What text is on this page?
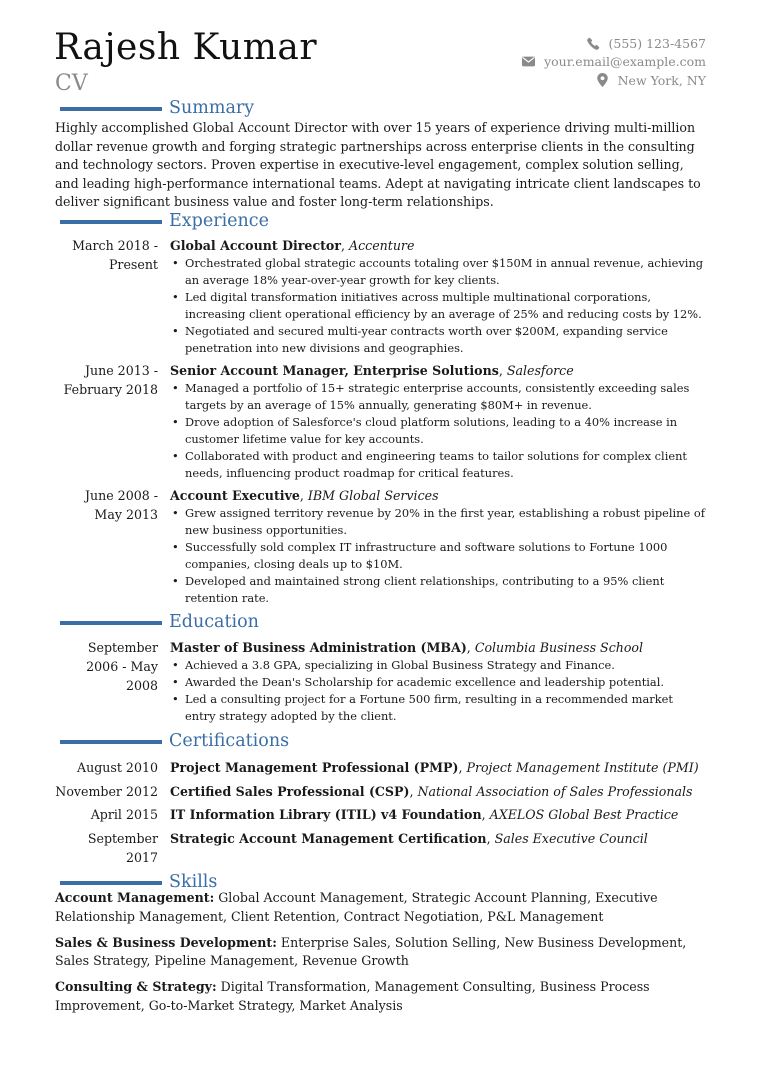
Rajesh Kumar
CV
(555) 123-4567
your.email@example.com
New York, NY
Summary
Highly accomplished Global Account Director with over 15 years of experience driving multi-million dollar revenue growth and forging strategic partnerships across enterprise clients in the consulting and technology sectors. Proven expertise in executive-level engagement, complex solution selling, and leading high-performance international teams. Adept at navigating intricate client landscapes to deliver significant business value and foster long-term relationships.
Experience
March 2018 - Present
Global Account Director, Accenture
• Orchestrated global strategic accounts totaling over $150M in annual revenue, achieving an average 18% year-over-year growth for key clients.
• Led digital transformation initiatives across multiple multinational corporations, increasing client operational efficiency by an average of 25% and reducing costs by 12%.
• Negotiated and secured multi-year contracts worth over $200M, expanding service penetration into new divisions and geographies.
June 2013 - February 2018
Senior Account Manager, Enterprise Solutions, Salesforce
• Managed a portfolio of 15+ strategic enterprise accounts, consistently exceeding sales targets by an average of 15% annually, generating $80M+ in revenue.
• Drove adoption of Salesforce's cloud platform solutions, leading to a 40% increase in customer lifetime value for key accounts.
• Collaborated with product and engineering teams to tailor solutions for complex client needs, influencing product roadmap for critical features.
June 2008 - May 2013
Account Executive, IBM Global Services
• Grew assigned territory revenue by 20% in the first year, establishing a robust pipeline of new business opportunities.
• Successfully sold complex IT infrastructure and software solutions to Fortune 1000 companies, closing deals up to $10M.
• Developed and maintained strong client relationships, contributing to a 95% client retention rate.
Education
September 2006 - May 2008
Master of Business Administration (MBA), Columbia Business School
• Achieved a 3.8 GPA, specializing in Global Business Strategy and Finance.
• Awarded the Dean's Scholarship for academic excellence and leadership potential.
• Led a consulting project for a Fortune 500 firm, resulting in a recommended market entry strategy adopted by the client.
Certifications
August 2010 Project Management Professional (PMP), Project Management Institute (PMI)
November 2012 Certified Sales Professional (CSP), National Association of Sales Professionals
April 2015 IT Information Library (ITIL) v4 Foundation, AXELOS Global Best Practice
September 2017
Strategic Account Management Certification, Sales Executive Council
Skills
Account Management: Global Account Management, Strategic Account Planning, Executive Relationship Management, Client Retention, Contract Negotiation, P&L Management
Sales & Business Development: Enterprise Sales, Solution Selling, New Business Development, Sales Strategy, Pipeline Management, Revenue Growth
Consulting & Strategy: Digital Transformation, Management Consulting, Business Process Improvement, Go-to-Market Strategy, Market Analysis
